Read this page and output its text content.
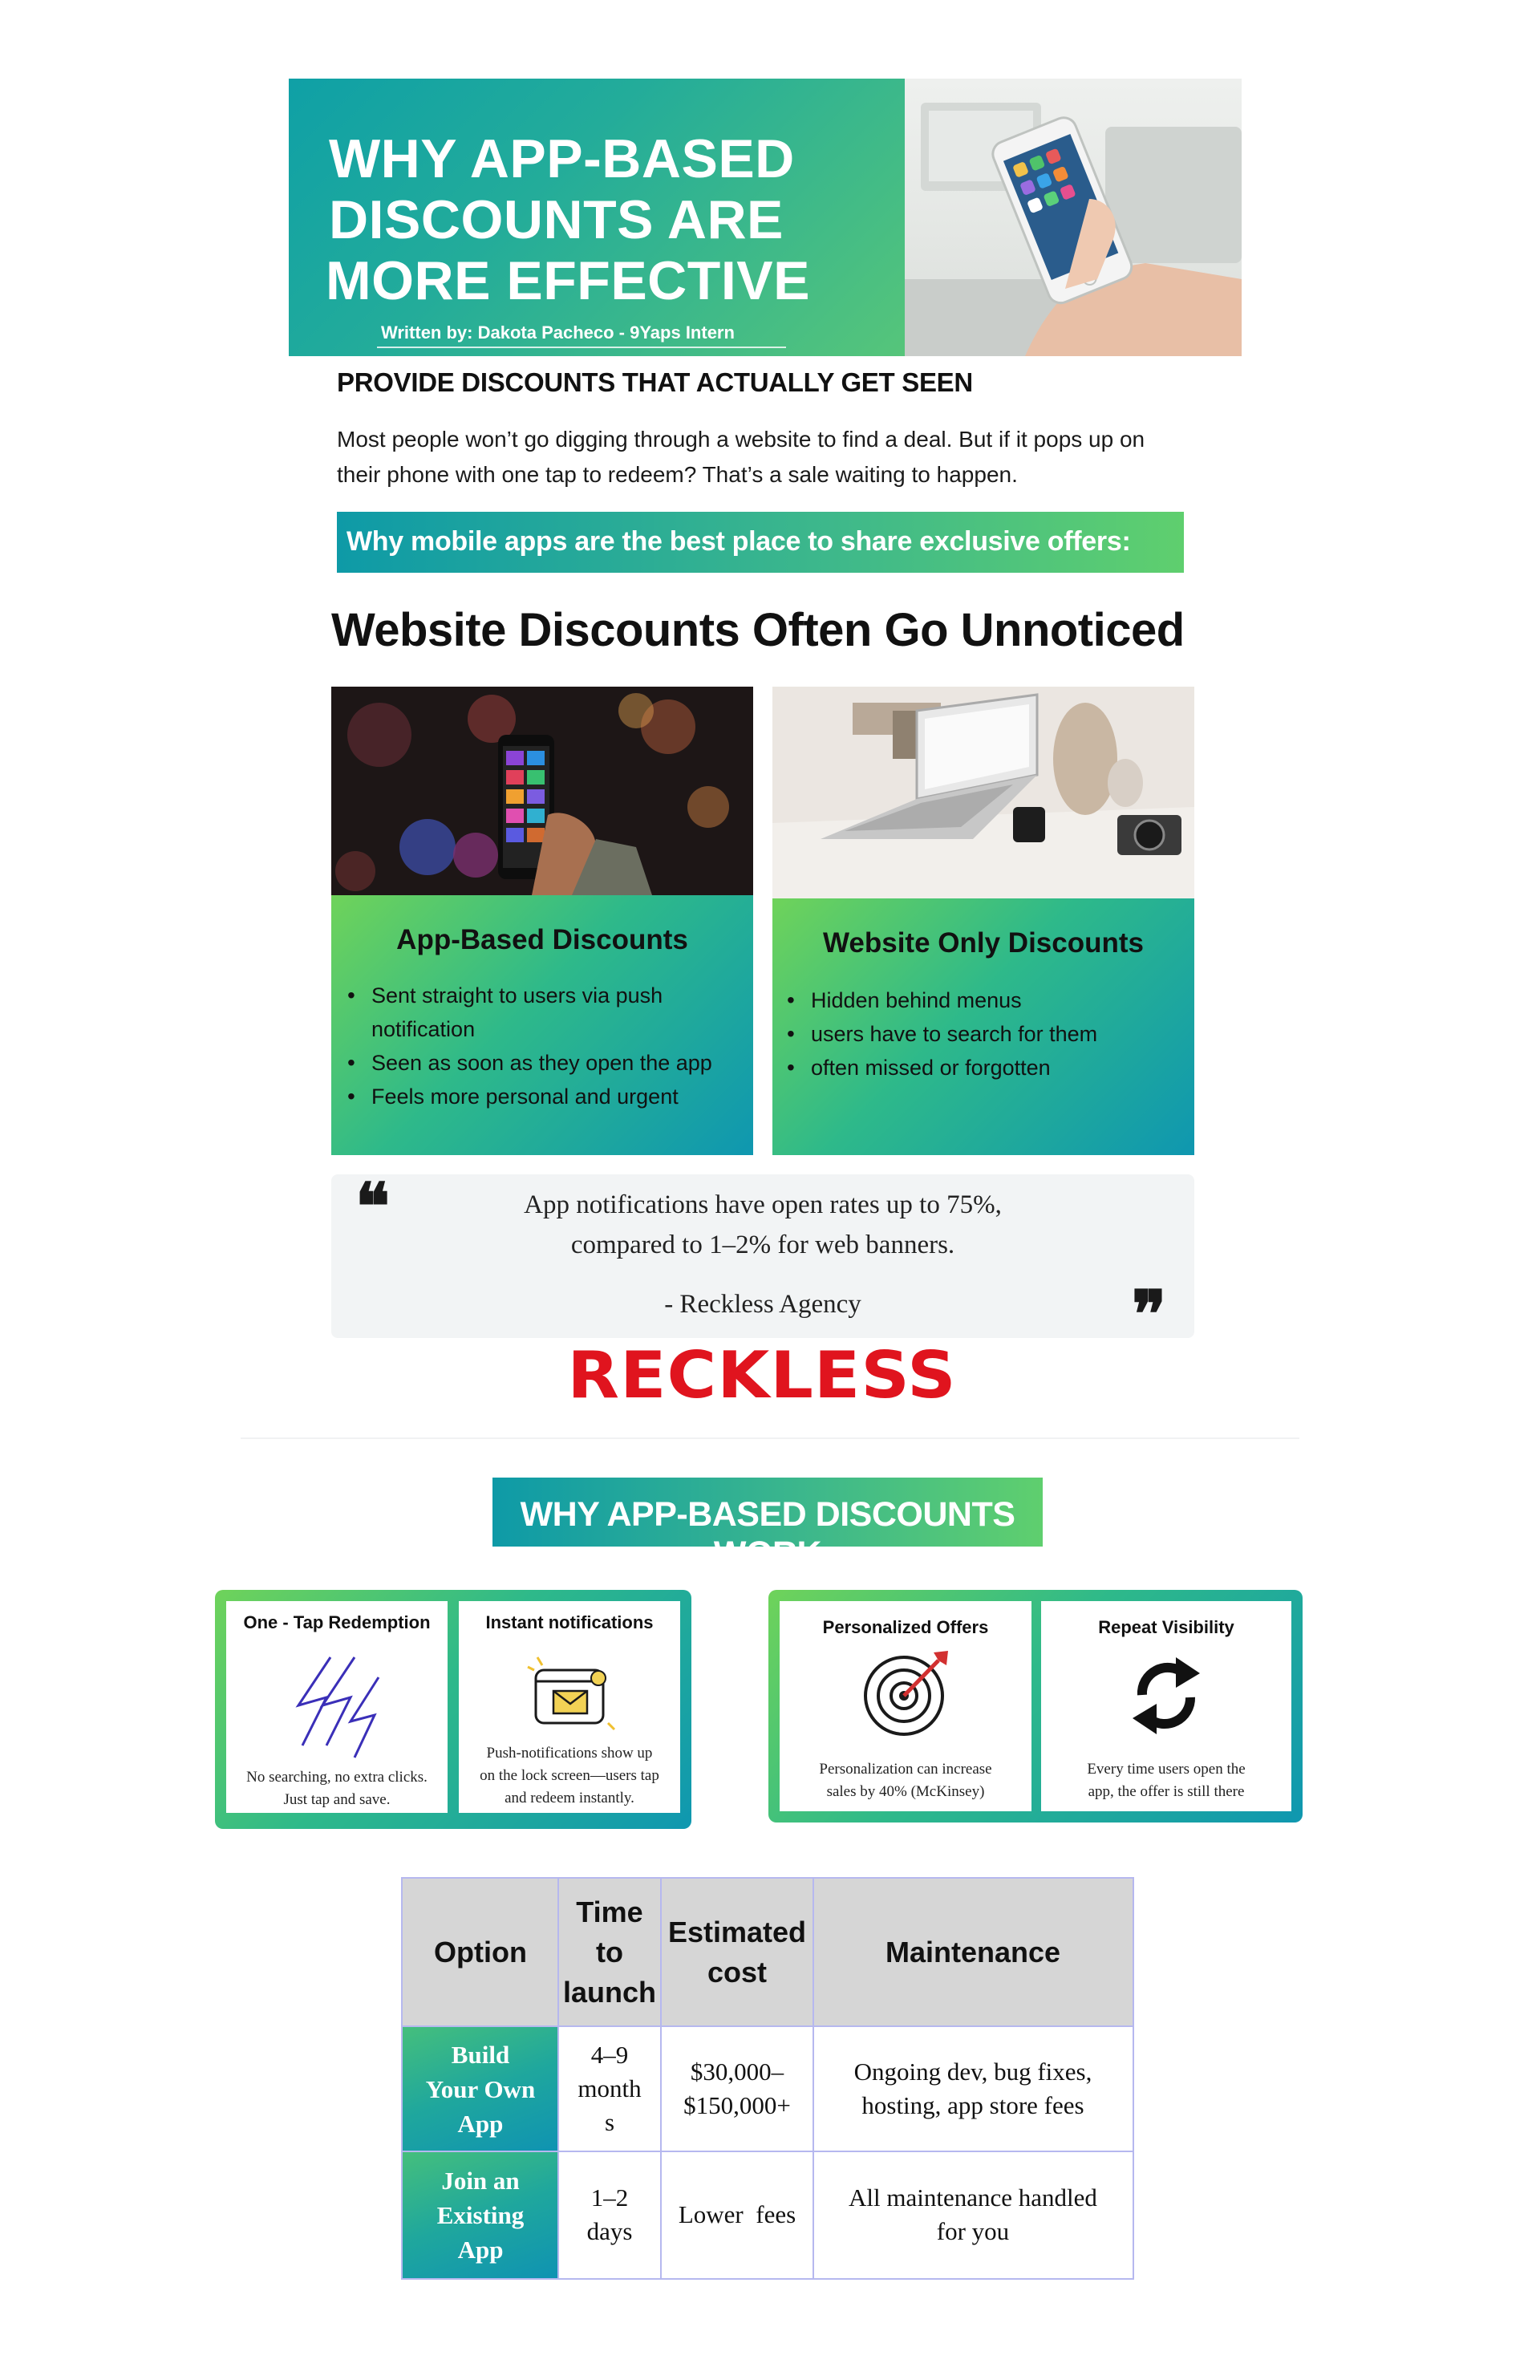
WHY APP-BASED
DISCOUNTS ARE
MORE EFFECTIVE
Written by: Dakota Pacheco - 9Yaps Intern
PROVIDE DISCOUNTS THAT ACTUALLY GET SEEN
Most people won’t go digging through a website to find a deal. But if it pops up on
their phone with one tap to redeem? That’s a sale waiting to happen.
Why mobile apps are the best place to share exclusive offers:
Website Discounts Often Go Unnoticed
App-Based Discounts
• Sent straight to users via push
notification
• Seen as soon as they open the app
• Feels more personal and urgent
Website Only Discounts
• Hidden behind menus
• users have to search for them
• often missed or forgotten
❝	App notifications have open rates up to 75%,
compared to 1–2% for web banners.
- Reckless Agency	❞
RECKLESS
WHY APP-BASED DISCOUNTS WORK
One - Tap Redemption
No searching, no extra clicks.
Just tap and save.
Instant notifications
Push-notifications show up
on the lock screen—users tap
and redeem instantly.
Personalized Offers
Personalization can increase
sales by 40% (McKinsey)
Repeat Visibility
Every time users open the
app, the offer is still there
Option
Time
to
launch
Estimated
cost
Maintenance
Build
Your Own
App
4–9
month
s
$30,000–
$150,000+
Ongoing dev, bug fixes,
hosting, app store fees
Join an
Existing
App
1–2
days
Lower  fees
All maintenance handled
for you
